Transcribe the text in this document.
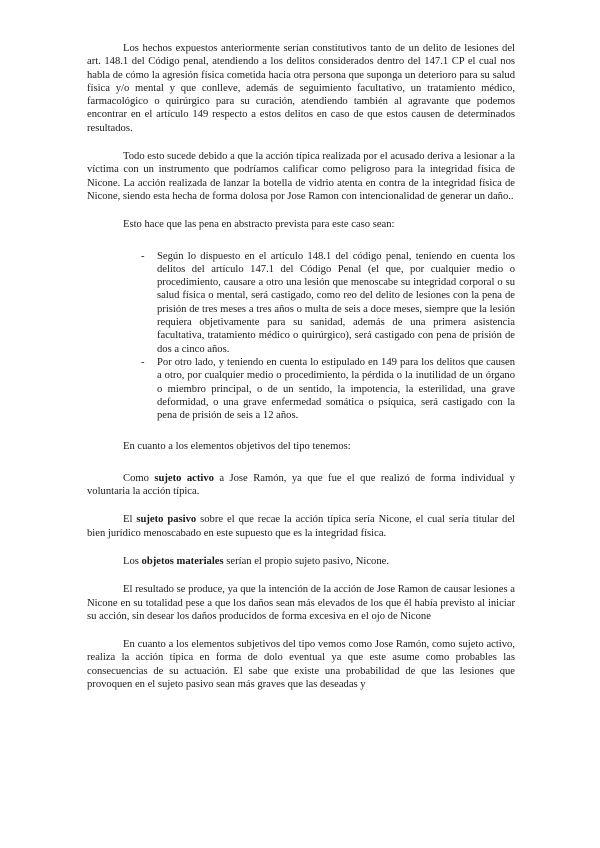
Los hechos expuestos anteriormente serían constitutivos tanto de un delito de lesiones del art. 148.1 del Código penal, atendiendo a los delitos considerados dentro del 147.1 CP el cual nos habla de cómo la agresión física cometida hacia otra persona que suponga un deterioro para su salud física y/o mental y que conlleve, además de seguimiento facultativo, un tratamiento médico, farmacológico o quirúrgico para su curación, atendiendo también al agravante que podemos encontrar en el artículo 149 respecto a estos delitos en caso de que estos causen de determinados resultados.

Todo esto sucede debido a que la acción típica realizada por el acusado deriva a lesionar a la víctima con un instrumento que podríamos calificar como peligroso para la integridad física de Nicone. La acción realizada de lanzar la botella de vidrio atenta en contra de la integridad física de Nicone, siendo esta hecha de forma dolosa por Jose Ramon con intencionalidad de generar un daño..

Esto hace que las pena en abstracto prevista para este caso sean:

- Según lo dispuesto en el artículo 148.1 del código penal, teniendo en cuenta los delitos del artículo 147.1 del Código Penal (el que, por cualquier medio o procedimiento, causare a otro una lesión que menoscabe su integridad corporal o su salud física o mental, será castigado, como reo del delito de lesiones con la pena de prisión de tres meses a tres años o multa de seis a doce meses, siempre que la lesión requiera objetivamente para su sanidad, además de una primera asistencia facultativa, tratamiento médico o quirúrgico), será castigado con pena de prisión de dos a cinco años.
- Por otro lado, y teniendo en cuenta lo estipulado en 149 para los delitos que causen a otro, por cualquier medio o procedimiento, la pérdida o la inutilidad de un órgano o miembro principal, o de un sentido, la impotencia, la esterilidad, una grave deformidad, o una grave enfermedad somática o psíquica, será castigado con la pena de prisión de seis a 12 años.

En cuanto a los elementos objetivos del tipo tenemos:

Como sujeto activo a Jose Ramón, ya que fue el que realizó de forma individual y voluntaria la acción típica.

El sujeto pasivo sobre el que recae la acción típica sería Nicone, el cual sería titular del bien jurídico menoscabado en este supuesto que es la integridad física.

Los objetos materiales serían el propio sujeto pasivo, Nicone.

El resultado se produce, ya que la intención de la acción de Jose Ramon de causar lesiones a Nicone en su totalidad pese a que los daños sean más elevados de los que él había previsto al iniciar su acción, sin desear los daños producidos de forma excesiva en el ojo de Nicone

En cuanto a los elementos subjetivos del tipo vemos como Jose Ramón, como sujeto activo, realiza la acción típica en forma de dolo eventual ya que este asume como probables las consecuencias de su actuación. El sabe que existe una probabilidad de que las lesiones que provoquen en el sujeto pasivo sean más graves que las deseadas y
